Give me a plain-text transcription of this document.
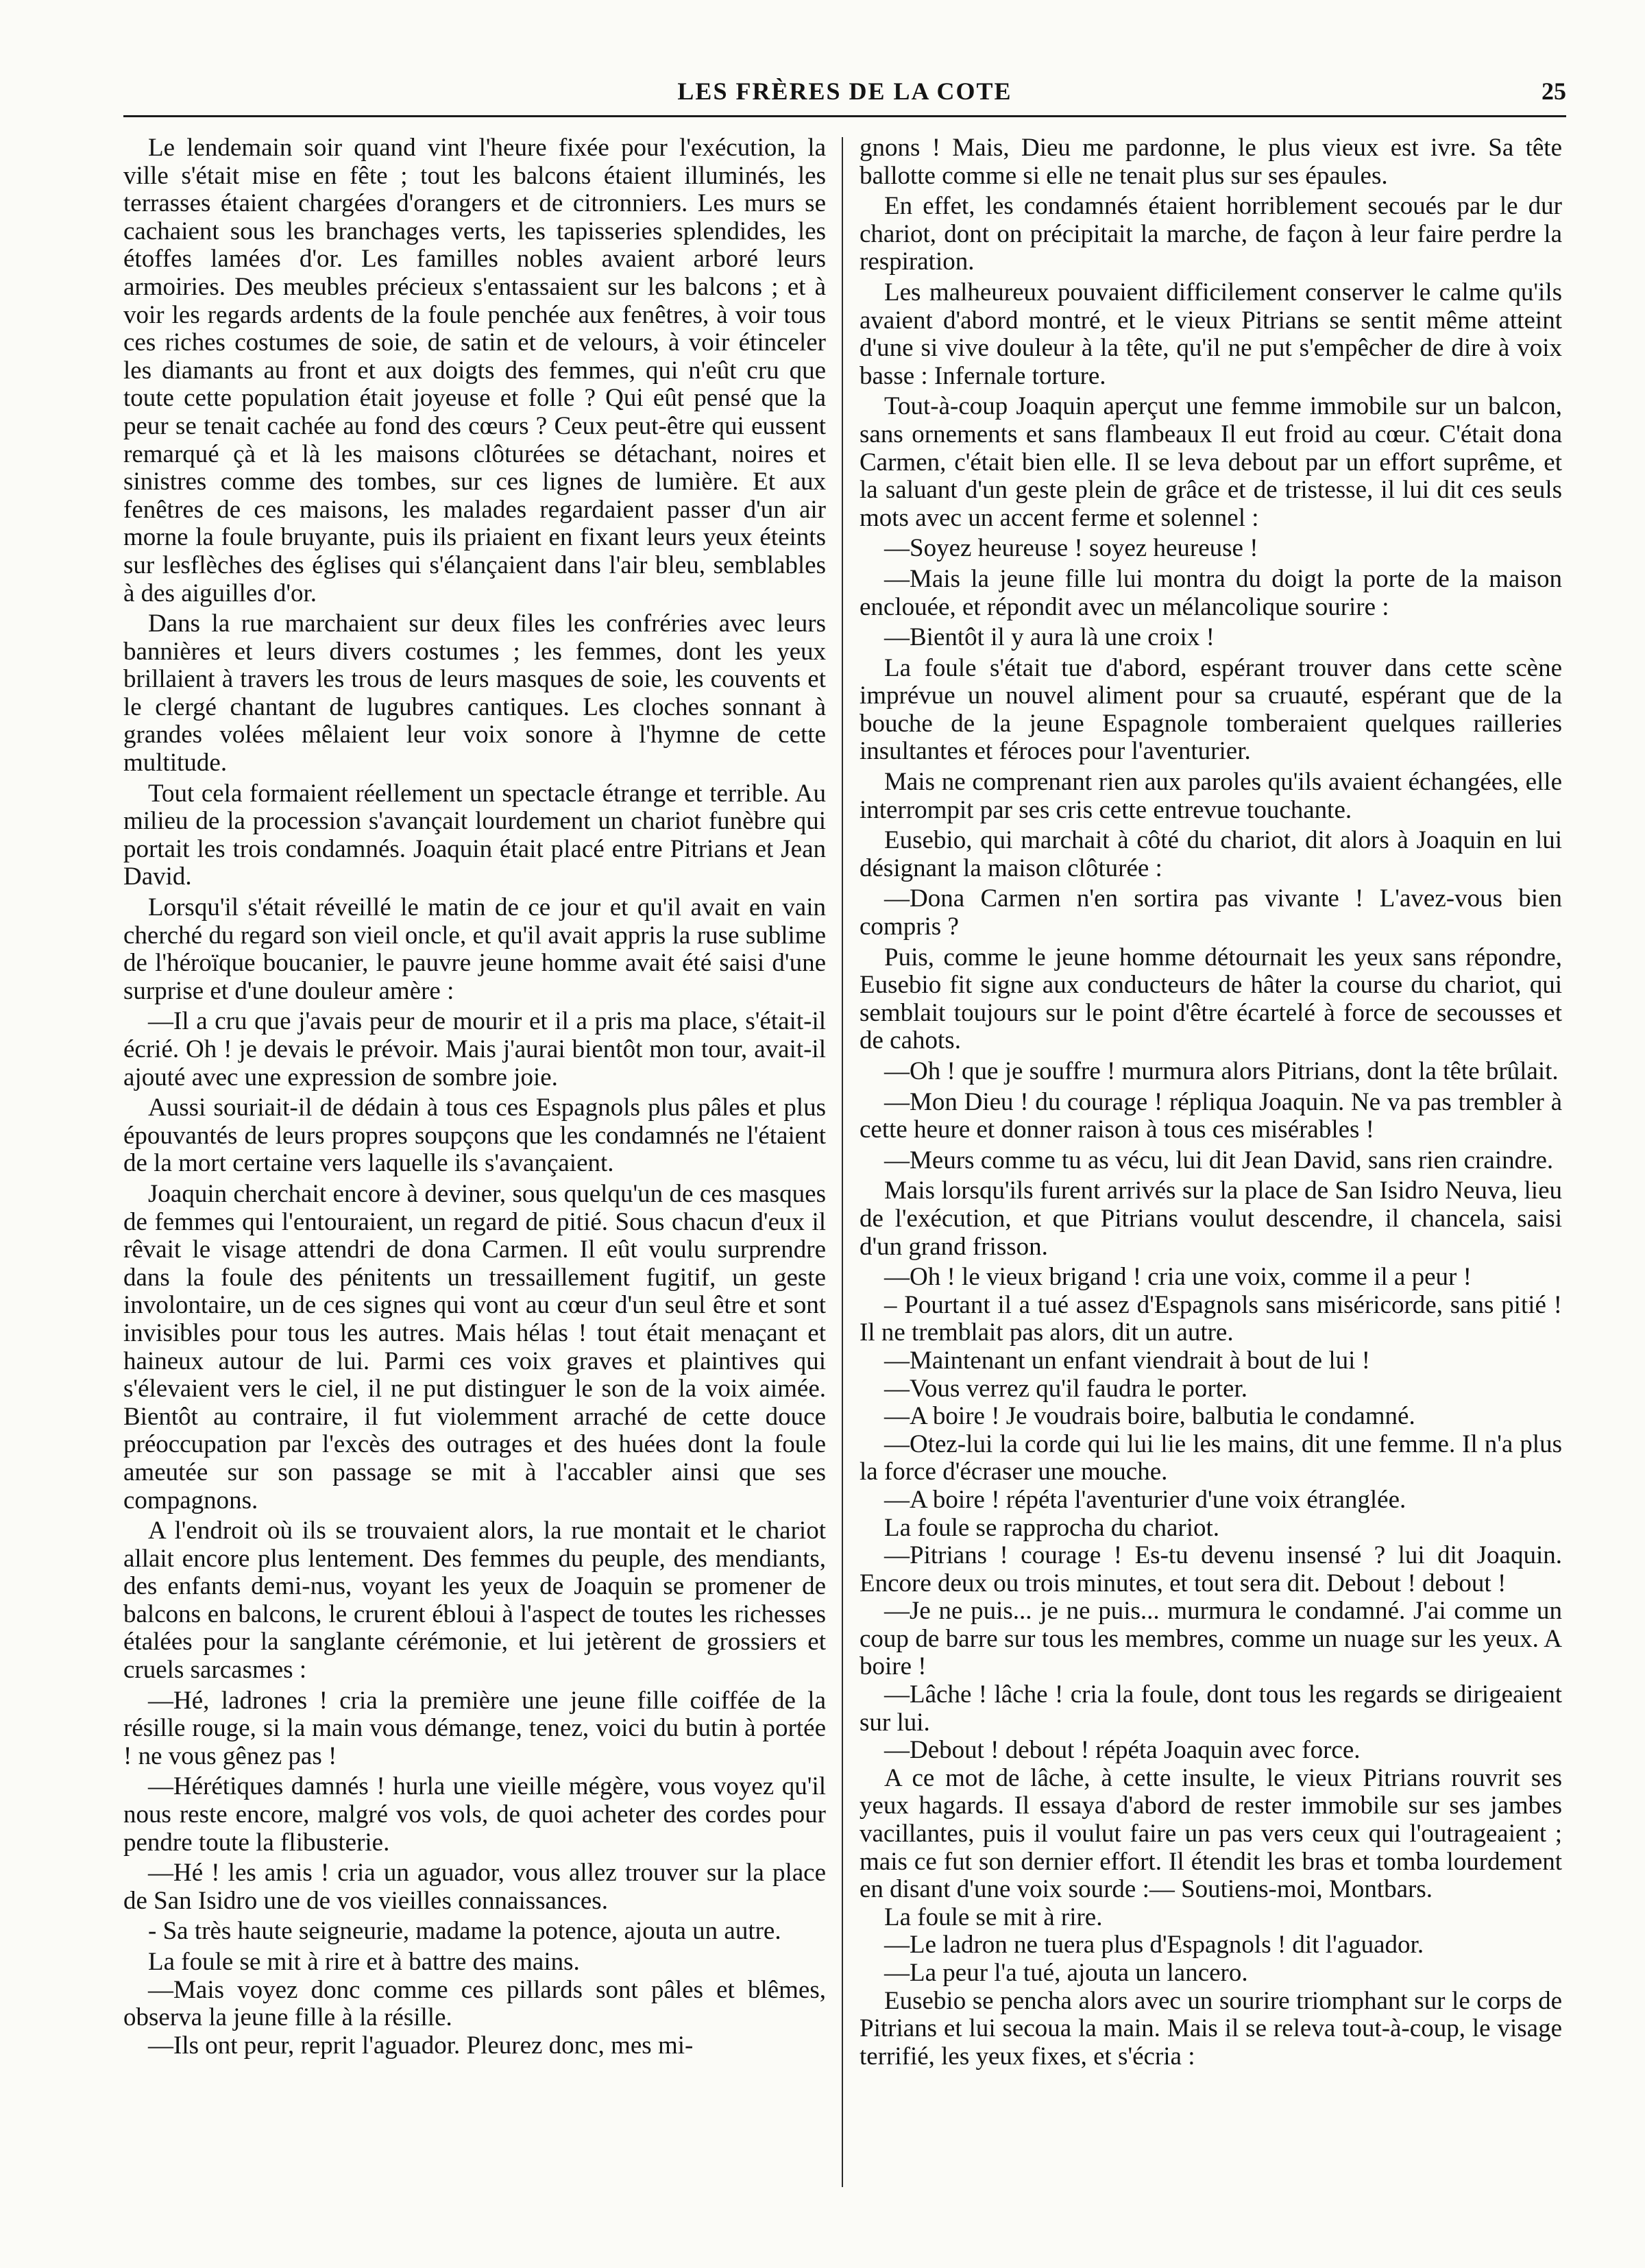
LES FRÈRES DE LA COTE	25

Le lendemain soir quand vint l'heure fixée pour l'exécution, la ville s'était mise en fête ; tout les balcons étaient illuminés, les terrasses étaient chargées d'orangers et de citronniers. Les murs se cachaient sous les branchages verts, les tapisseries splendides, les étoffes lamées d'or. Les familles nobles avaient arboré leurs armoiries. Des meubles précieux s'entassaient sur les balcons ; et à voir les regards ardents de la foule penchée aux fenêtres, à voir tous ces riches costumes de soie, de satin et de velours, à voir étinceler les diamants au front et aux doigts des femmes, qui n'eût cru que toute cette population était joyeuse et folle ? Qui eût pensé que la peur se tenait cachée au fond des cœurs ? Ceux peut-être qui eussent remarqué çà et là les maisons clôturées se détachant, noires et sinistres comme des tombes, sur ces lignes de lumière. Et aux fenêtres de ces maisons, les malades regardaient passer d'un air morne la foule bruyante, puis ils priaient en fixant leurs yeux éteints sur lesflèches des églises qui s'élançaient dans l'air bleu, semblables à des aiguilles d'or.

Dans la rue marchaient sur deux files les confréries avec leurs bannières et leurs divers costumes ; les femmes, dont les yeux brillaient à travers les trous de leurs masques de soie, les couvents et le clergé chantant de lugubres cantiques. Les cloches sonnant à grandes volées mêlaient leur voix sonore à l'hymne de cette multitude.

Tout cela formaient réellement un spectacle étrange et terrible. Au milieu de la procession s'avançait lourdement un chariot funèbre qui portait les trois condamnés. Joaquin était placé entre Pitrians et Jean David.

Lorsqu'il s'était réveillé le matin de ce jour et qu'il avait en vain cherché du regard son vieil oncle, et qu'il avait appris la ruse sublime de l'héroïque boucanier, le pauvre jeune homme avait été saisi d'une surprise et d'une douleur amère :

—Il a cru que j'avais peur de mourir et il a pris ma place, s'était-il écrié. Oh ! je devais le prévoir. Mais j'aurai bientôt mon tour, avait-il ajouté avec une expression de sombre joie.

Aussi souriait-il de dédain à tous ces Espagnols plus pâles et plus épouvantés de leurs propres soupçons que les condamnés ne l'étaient de la mort certaine vers laquelle ils s'avançaient.

Joaquin cherchait encore à deviner, sous quelqu'un de ces masques de femmes qui l'entouraient, un regard de pitié. Sous chacun d'eux il rêvait le visage attendri de dona Carmen. Il eût voulu surprendre dans la foule des pénitents un tressaillement fugitif, un geste involontaire, un de ces signes qui vont au cœur d'un seul être et sont invisibles pour tous les autres. Mais hélas ! tout était menaçant et haineux autour de lui. Parmi ces voix graves et plaintives qui s'élevaient vers le ciel, il ne put distinguer le son de la voix aimée. Bientôt au contraire, il fut violemment arraché de cette douce préoccupation par l'excès des outrages et des huées dont la foule ameutée sur son passage se mit à l'accabler ainsi que ses compagnons.

A l'endroit où ils se trouvaient alors, la rue montait et le chariot allait encore plus lentement. Des femmes du peuple, des mendiants, des enfants demi-nus, voyant les yeux de Joaquin se promener de balcons en balcons, le crurent ébloui à l'aspect de toutes les richesses étalées pour la sanglante cérémonie, et lui jetèrent de grossiers et cruels sarcasmes :

—Hé, ladrones ! cria la première une jeune fille coiffée de la résille rouge, si la main vous démange, tenez, voici du butin à portée ! ne vous gênez pas !

—Hérétiques damnés ! hurla une vieille mégère, vous voyez qu'il nous reste encore, malgré vos vols, de quoi acheter des cordes pour pendre toute la flibusterie.

—Hé ! les amis ! cria un aguador, vous allez trouver sur la place de San Isidro une de vos vieilles connaissances.

- Sa très haute seigneurie, madame la potence, ajouta un autre.

La foule se mit à rire et à battre des mains.

—Mais voyez donc comme ces pillards sont pâles et blêmes, observa la jeune fille à la résille.

—Ils ont peur, reprit l'aguador. Pleurez donc, mes mi-

gnons ! Mais, Dieu me pardonne, le plus vieux est ivre. Sa tête ballotte comme si elle ne tenait plus sur ses épaules.

En effet, les condamnés étaient horriblement secoués par le dur chariot, dont on précipitait la marche, de façon à leur faire perdre la respiration.

Les malheureux pouvaient difficilement conserver le calme qu'ils avaient d'abord montré, et le vieux Pitrians se sentit même atteint d'une si vive douleur à la tête, qu'il ne put s'empêcher de dire à voix basse : Infernale torture.

Tout-à-coup Joaquin aperçut une femme immobile sur un balcon, sans ornements et sans flambeaux Il eut froid au cœur. C'était dona Carmen, c'était bien elle. Il se leva debout par un effort suprême, et la saluant d'un geste plein de grâce et de tristesse, il lui dit ces seuls mots avec un accent ferme et solennel :

—Soyez heureuse ! soyez heureuse !

—Mais la jeune fille lui montra du doigt la porte de la maison enclouée, et répondit avec un mélancolique sourire :

—Bientôt il y aura là une croix !

La foule s'était tue d'abord, espérant trouver dans cette scène imprévue un nouvel aliment pour sa cruauté, espérant que de la bouche de la jeune Espagnole tomberaient quelques railleries insultantes et féroces pour l'aventurier.

Mais ne comprenant rien aux paroles qu'ils avaient échangées, elle interrompit par ses cris cette entrevue touchante.

Eusebio, qui marchait à côté du chariot, dit alors à Joaquin en lui désignant la maison clôturée :

—Dona Carmen n'en sortira pas vivante ! L'avez-vous bien compris ?

Puis, comme le jeune homme détournait les yeux sans répondre, Eusebio fit signe aux conducteurs de hâter la course du chariot, qui semblait toujours sur le point d'être écartelé à force de secousses et de cahots.

—Oh ! que je souffre ! murmura alors Pitrians, dont la tête brûlait.

—Mon Dieu ! du courage ! répliqua Joaquin. Ne va pas trembler à cette heure et donner raison à tous ces misérables !

—Meurs comme tu as vécu, lui dit Jean David, sans rien craindre.

Mais lorsqu'ils furent arrivés sur la place de San Isidro Neuva, lieu de l'exécution, et que Pitrians voulut descendre, il chancela, saisi d'un grand frisson.

—Oh ! le vieux brigand ! cria une voix, comme il a peur !

– Pourtant il a tué assez d'Espagnols sans miséricorde, sans pitié ! Il ne tremblait pas alors, dit un autre.

—Maintenant un enfant viendrait à bout de lui !

—Vous verrez qu'il faudra le porter.

—A boire ! Je voudrais boire, balbutia le condamné.

—Otez-lui la corde qui lui lie les mains, dit une femme. Il n'a plus la force d'écraser une mouche.

—A boire ! répéta l'aventurier d'une voix étranglée.

La foule se rapprocha du chariot.

—Pitrians ! courage ! Es-tu devenu insensé ? lui dit Joaquin. Encore deux ou trois minutes, et tout sera dit. Debout ! debout !

—Je ne puis... je ne puis... murmura le condamné. J'ai comme un coup de barre sur tous les membres, comme un nuage sur les yeux. A boire !

—Lâche ! lâche ! cria la foule, dont tous les regards se dirigeaient sur lui.

—Debout ! debout ! répéta Joaquin avec force.

A ce mot de lâche, à cette insulte, le vieux Pitrians rouvrit ses yeux hagards. Il essaya d'abord de rester immobile sur ses jambes vacillantes, puis il voulut faire un pas vers ceux qui l'outrageaient ; mais ce fut son dernier effort. Il étendit les bras et tomba lourdement en disant d'une voix sourde :— Soutiens-moi, Montbars.

La foule se mit à rire.

—Le ladron ne tuera plus d'Espagnols ! dit l'aguador.

—La peur l'a tué, ajouta un lancero.

Eusebio se pencha alors avec un sourire triomphant sur le corps de Pitrians et lui secoua la main. Mais il se releva tout-à-coup, le visage terrifié, les yeux fixes, et s'écria :
